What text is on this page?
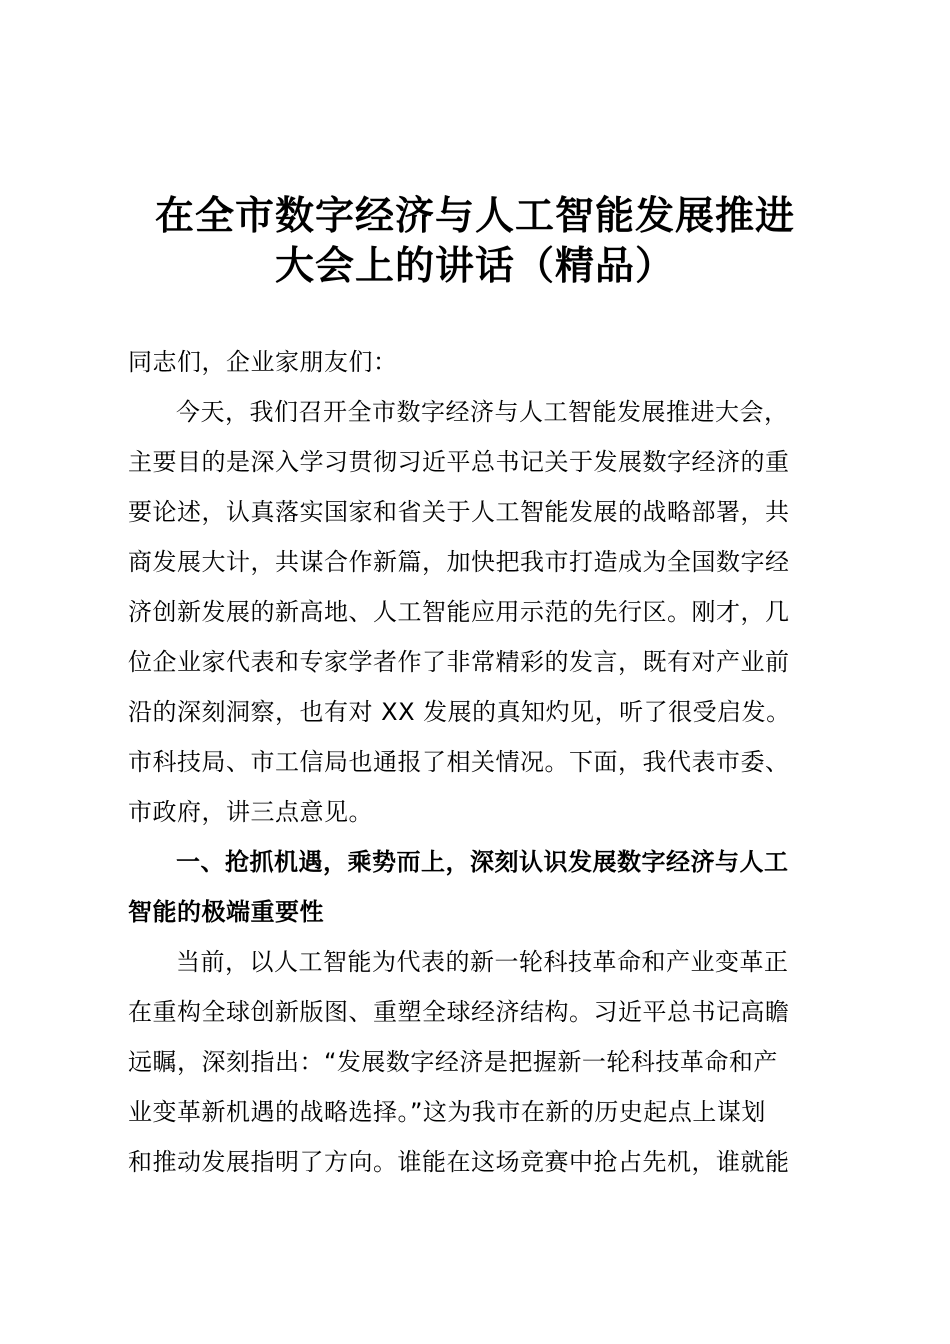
在全市数字经济与人工智能发展推进
大会上的讲话（精品）
同志们，企业家朋友们：
今天，我们召开全市数字经济与人工智能发展推进大会，
主要目的是深入学习贯彻习近平总书记关于发展数字经济的重
要论述，认真落实国家和省关于人工智能发展的战略部署，共
商发展大计，共谋合作新篇，加快把我市打造成为全国数字经
济创新发展的新高地、人工智能应用示范的先行区。刚才，几
位企业家代表和专家学者作了非常精彩的发言，既有对产业前
沿的深刻洞察，也有对 XX 发展的真知灼见，听了很受启发。
市科技局、市工信局也通报了相关情况。下面，我代表市委、
市政府，讲三点意见。
一、抢抓机遇，乘势而上，深刻认识发展数字经济与人工
智能的极端重要性
当前，以人工智能为代表的新一轮科技革命和产业变革正
在重构全球创新版图、重塑全球经济结构。习近平总书记高瞻
远瞩，深刻指出：“发展数字经济是把握新一轮科技革命和产
业变革新机遇的战略选择。”这为我市在新的历史起点上谋划
和推动发展指明了方向。谁能在这场竞赛中抢占先机，谁就能
